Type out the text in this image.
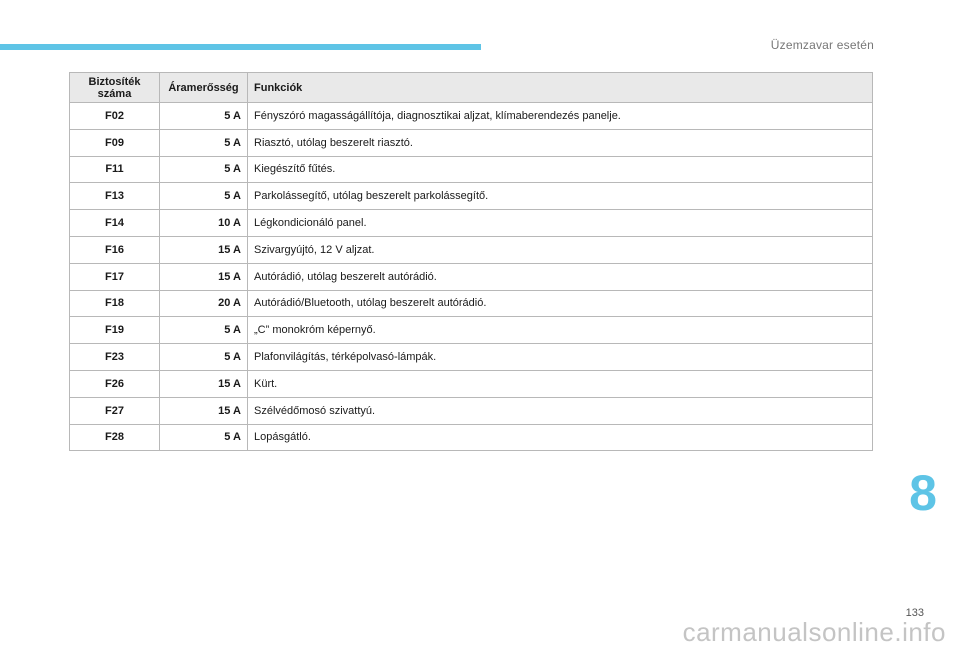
Üzemzavar esetén
Biztosíték száma	Áramerősség	Funkciók
F02	5 A	Fényszóró magasságállítója, diagnosztikai aljzat, klímaberendezés panelje.
F09	5 A	Riasztó, utólag beszerelt riasztó.
F11	5 A	Kiegészítő fűtés.
F13	5 A	Parkolássegítő, utólag beszerelt parkolássegítő.
F14	10 A	Légkondicionáló panel.
F16	15 A	Szivargyújtó, 12 V aljzat.
F17	15 A	Autórádió, utólag beszerelt autórádió.
F18	20 A	Autórádió/Bluetooth, utólag beszerelt autórádió.
F19	5 A	„C” monokróm képernyő.
F23	5 A	Plafonvilágítás, térképolvasó-lámpák.
F26	15 A	Kürt.
F27	15 A	Szélvédőmosó szivattyú.
F28	5 A	Lopásgátló.
8
133
carmanualsonline.info
